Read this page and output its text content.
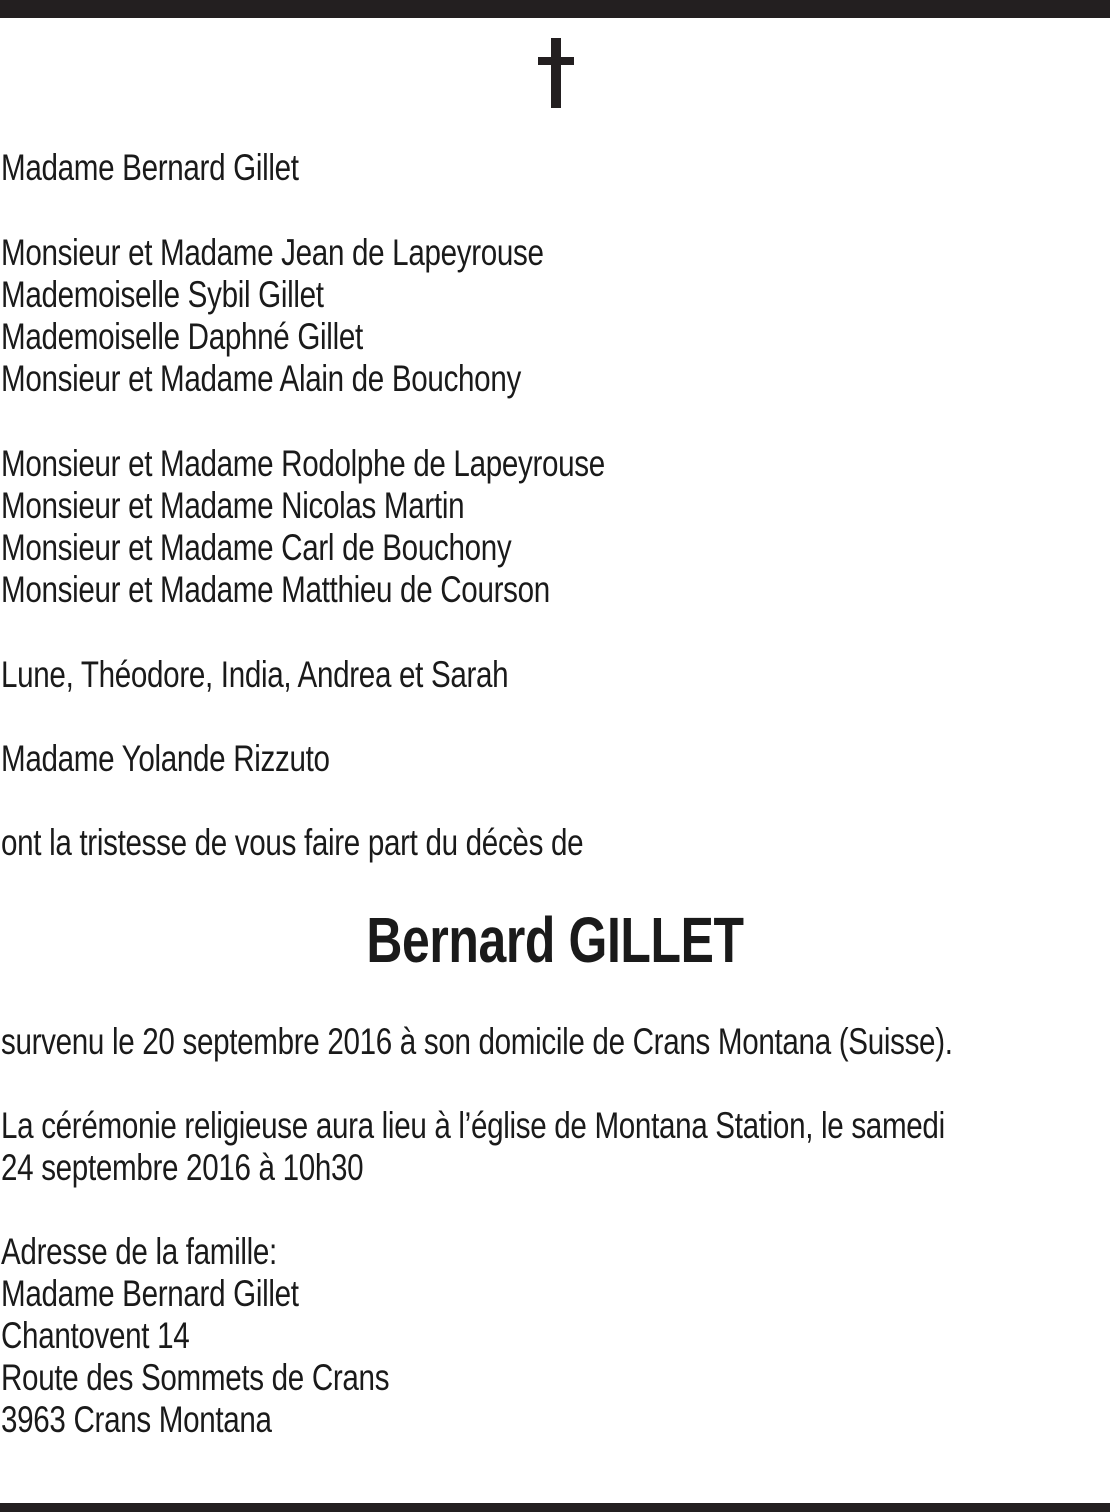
Madame Bernard Gillet
Monsieur et Madame Jean de Lapeyrouse
Mademoiselle Sybil Gillet
Mademoiselle Daphné Gillet
Monsieur et Madame Alain de Bouchony
Monsieur et Madame Rodolphe de Lapeyrouse
Monsieur et Madame Nicolas Martin
Monsieur et Madame Carl de Bouchony
Monsieur et Madame Matthieu de Courson
Lune, Théodore, India, Andrea et Sarah
Madame Yolande Rizzuto
ont la tristesse de vous faire part du décès de
Bernard GILLET
survenu le 20 septembre 2016 à son domicile de Crans Montana (Suisse).
La cérémonie religieuse aura lieu à l’église de Montana Station, le samedi
24 septembre 2016 à 10h30
Adresse de la famille:
Madame Bernard Gillet
Chantovent 14
Route des Sommets de Crans
3963 Crans Montana
